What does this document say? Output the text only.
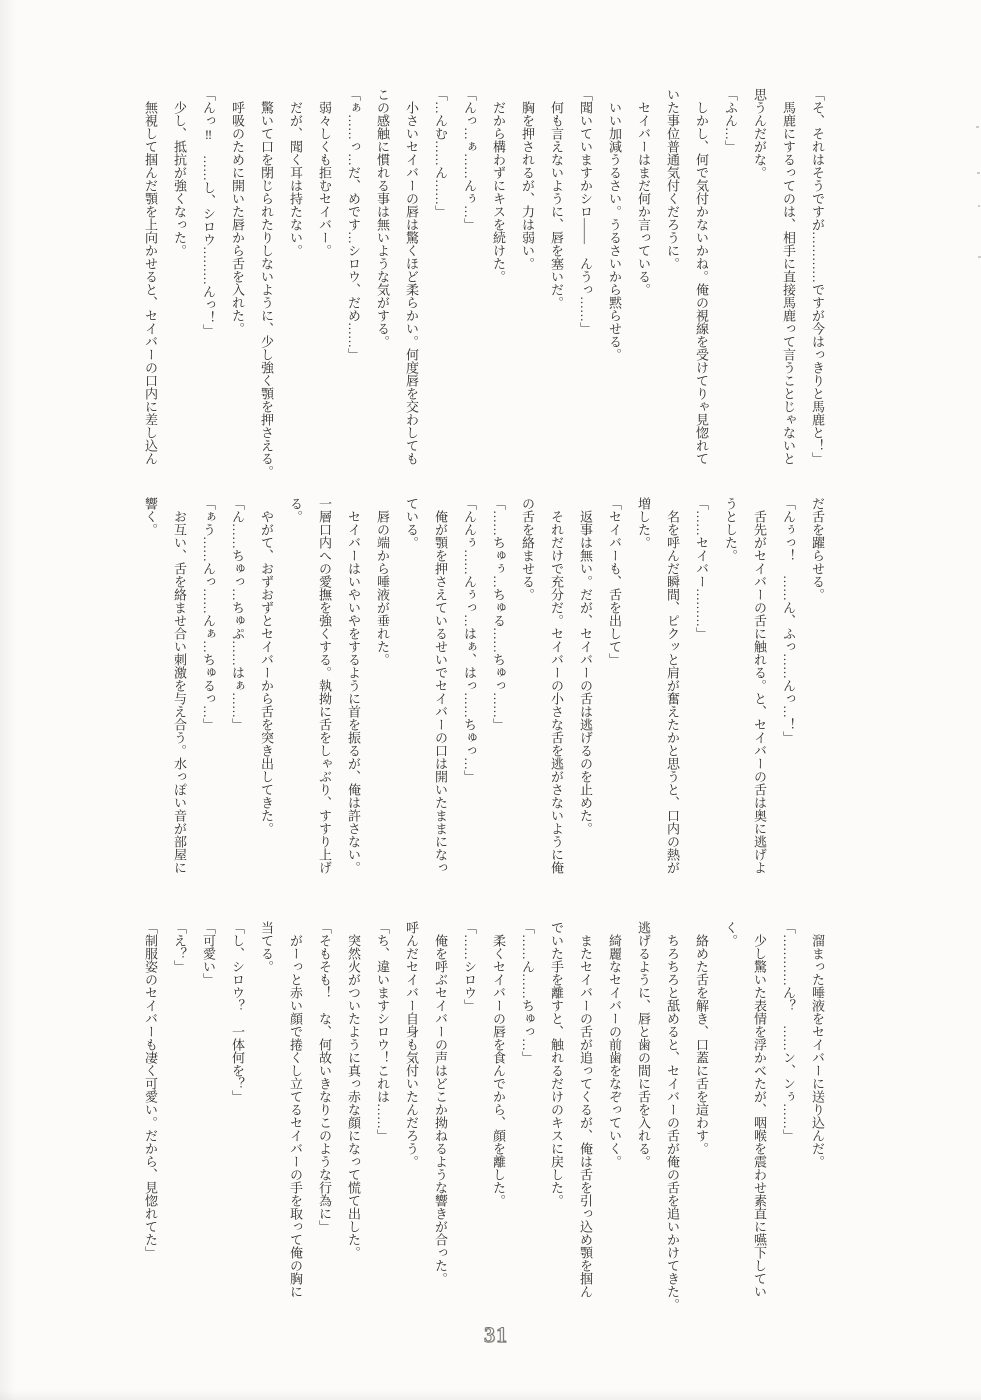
「そ、それはそうですが…………ですが今はっきりと馬鹿と！」

　馬鹿にするってのは、相手に直接馬鹿って言うことじゃないと

思うんだがな。

「ふん…」

　しかし、何で気付かないかね。俺の視線を受けてりゃ見惚れて

いた事位普通気付くだろうに。

　セイバーはまだ何か言っている。

　いい加減うるさい。うるさいから黙らせる。

「聞いていますかシロ――　んうっ……」

　何も言えないように、唇を塞いだ。

　胸を押されるが、力は弱い。

　だから構わずにキスを続けた。

「んっ…ぁ……んぅ…」

「…んむ……ん……」

　小さいセイバーの唇は驚くほど柔らかい。何度唇を交わしても

この感触に慣れる事は無いような気がする。

「ぁ……っ…だ、めです…シロウ、だめ……」

　弱々しくも拒むセイバー。

　だが、聞く耳は持たない。

　驚いて口を閉じられたりしないように、少し強く顎を押さえる。

　呼吸のために開いた唇から舌を入れた。

「んっ‼　……し、シロウ………んっ！」

　少し、抵抗が強くなった。

　無視して掴んだ顎を上向かせると、セイバーの口内に差し込ん

だ舌を躍らせる。

「んぅっ！　……ん、ふっ……んっ…！」

　舌先がセイバーの舌に触れる。と、セイバーの舌は奥に逃げよ

うとした。

「……セイバー………」

　名を呼んだ瞬間、ピクッと肩が奮えたかと思うと、口内の熱が

増した。

「セイバーも、舌を出して」

　返事は無い。だが、セイバーの舌は逃げるのを止めた。

　それだけで充分だ。セイバーの小さな舌を逃がさないように俺

の舌を絡ませる。

「……ちゅぅ…ちゅる……ちゅっ……」

「んんぅ……んぅっ…はぁ、はっ……ちゅっ…」

　俺が顎を押さえているせいでセイバーの口は開いたままになっ

ている。

　唇の端から唾液が垂れた。

　セイバーはいやいやをするように首を振るが、俺は許さない。

一層口内への愛撫を強くする。執拗に舌をしゃぶり、すすり上げ

る。

　やがて、おずおずとセイバーから舌を突き出してきた。

「ん……ちゅっ…ちゅぷ……はぁ……」

「ぁう……んっ……んぁ…ちゅるっ…」

　お互い、舌を絡ませ合い刺激を与え合う。水っぽい音が部屋に

響く。

　溜まった唾液をセイバーに送り込んだ。

「…………ん？　……ン、ンぅ……」

　少し驚いた表情を浮かべたが、咽喉を震わせ素直に嚥下してい

く。

　絡めた舌を解き、口蓋に舌を這わす。

　ちろちろと舐めると、セイバーの舌が俺の舌を追いかけてきた。

逃げるように、唇と歯の間に舌を入れる。

　綺麗なセイバーの前歯をなぞっていく。

　またセイバーの舌が追ってくるが、俺は舌を引っ込め顎を掴ん

でいた手を離すと、触れるだけのキスに戻した。

「……ん……ちゅっ…」

　柔くセイバーの唇を食んでから、顔を離した。

「……シロウ」

　俺を呼ぶセイバーの声はどこか拗ねるような響きが合った。

呼んだセイバー自身も気付いたんだろう。

「ち、違いますシロウ！これは……」

　突然火がついたように真っ赤な顔になって慌て出した。

「そもそも！　な、何故いきなりこのような行為に」

　がーっと赤い顔で捲くし立てるセイバーの手を取って俺の胸に

当てる。

「し、シロウ？　一体何を？」

「可愛い」

「え？」

「制服姿のセイバーも凄く可愛い。だから、見惚れてた」

31
